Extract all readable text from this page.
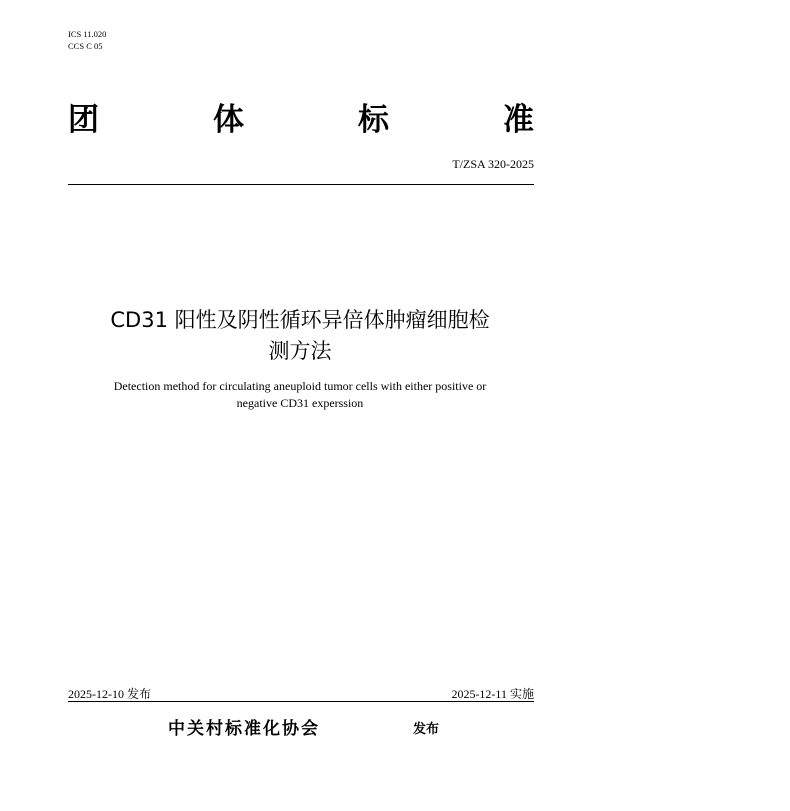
ICS 11.020
CCS C 05
团	体	标	准
T/ZSA 320-2025
CD31 阳性及阴性循环异倍体肿瘤细胞检
测方法
Detection method for circulating aneuploid tumor cells with either positive or
negative CD31 experssion
2025-12-10 发布	2025-12-11 实施
中关村标准化协会	发布
